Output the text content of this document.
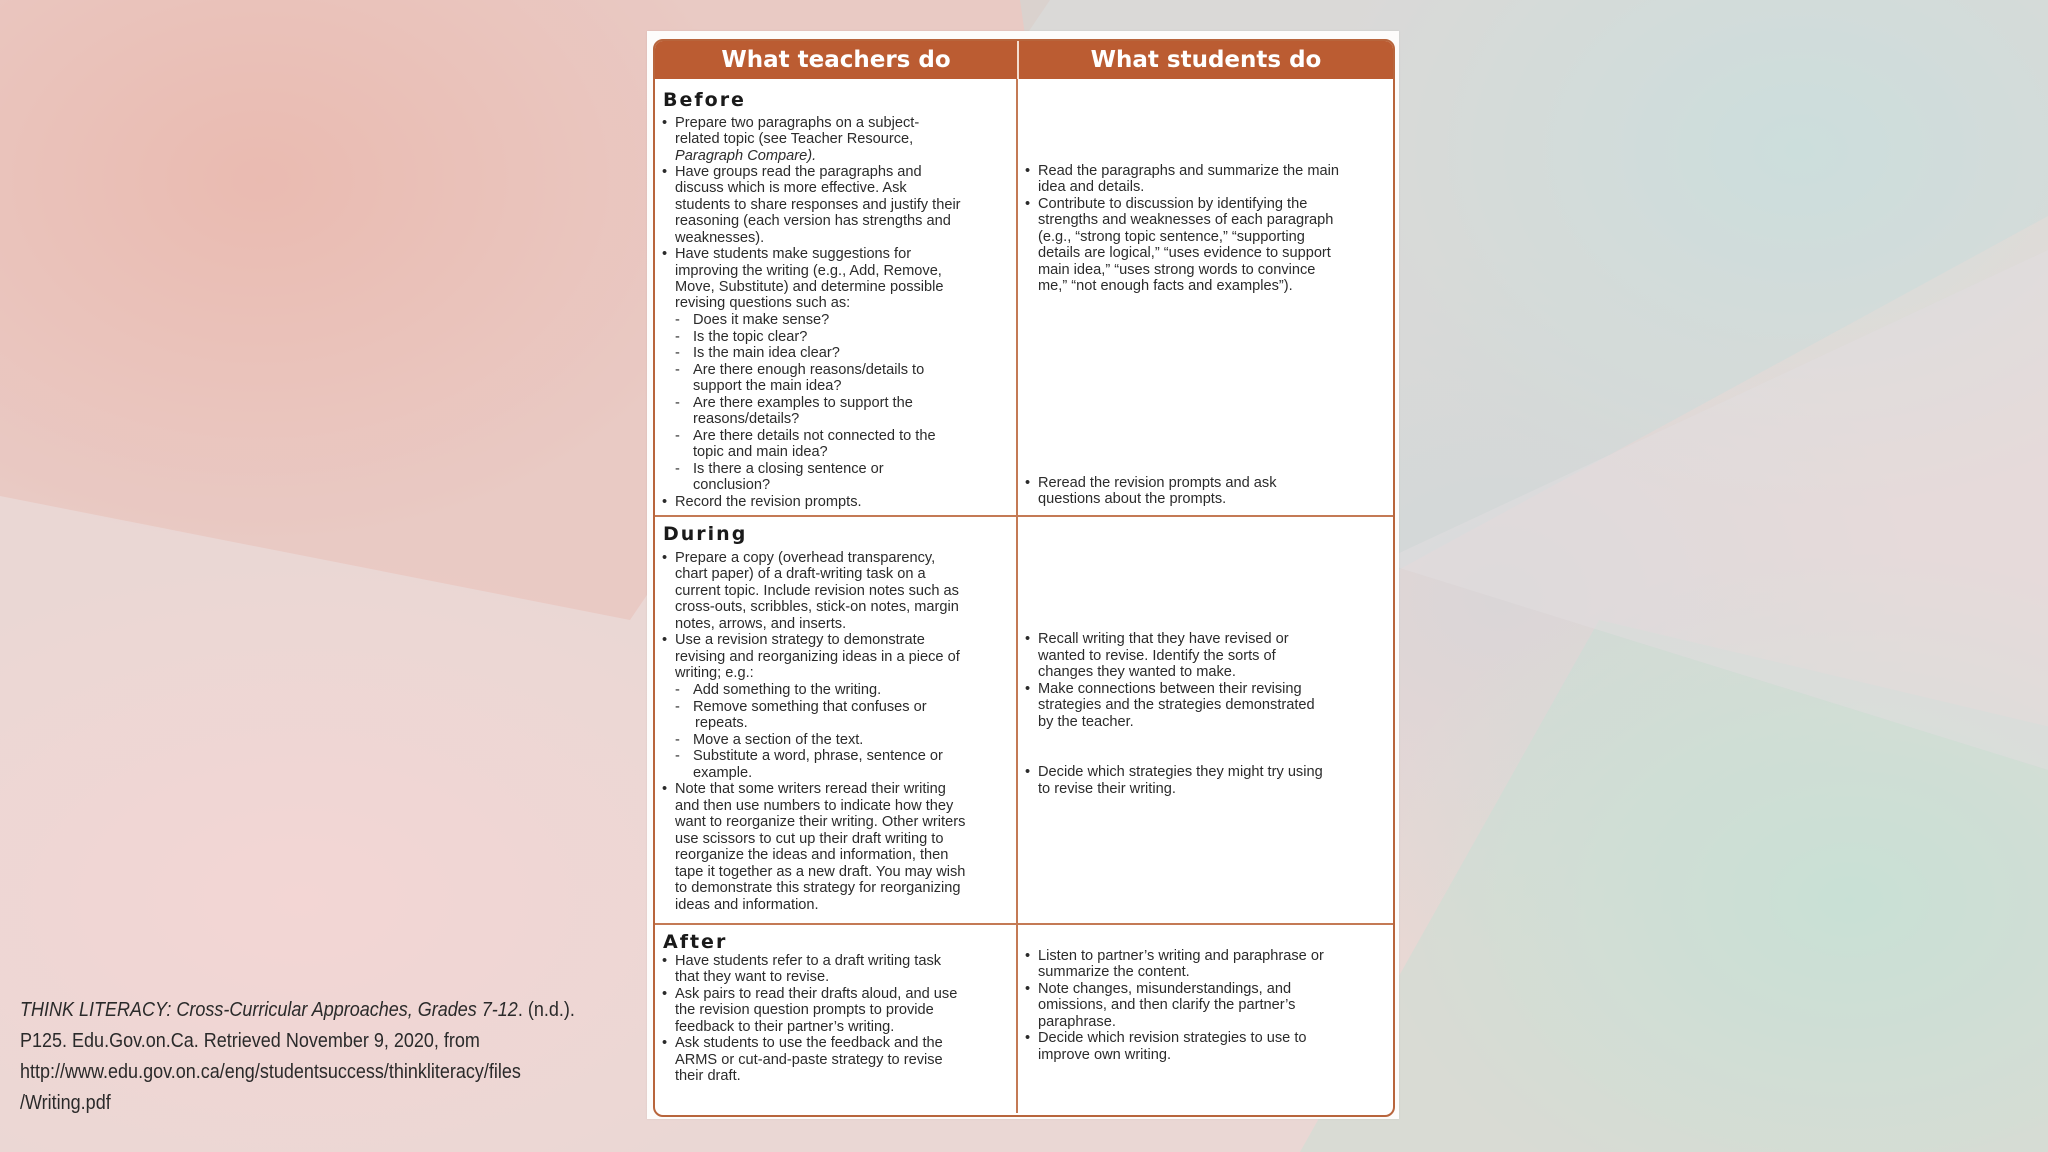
What teachers do	What students do
Before
• Prepare two paragraphs on a subject-
related topic (see Teacher Resource,
Paragraph Compare).
• Have groups read the paragraphs and
discuss which is more effective. Ask
students to share responses and justify their
reasoning (each version has strengths and
weaknesses).
• Have students make suggestions for
improving the writing (e.g., Add, Remove,
Move, Substitute) and determine possible
revising questions such as:
- Does it make sense?
- Is the topic clear?
- Is the main idea clear?
- Are there enough reasons/details to
support the main idea?
- Are there examples to support the
reasons/details?
- Are there details not connected to the
topic and main idea?
- Is there a closing sentence or
conclusion?
• Record the revision prompts.
• Read the paragraphs and summarize the main
idea and details.
• Contribute to discussion by identifying the
strengths and weaknesses of each paragraph
(e.g., “strong topic sentence,” “supporting
details are logical,” “uses evidence to support
main idea,” “uses strong words to convince
me,” “not enough facts and examples”).
• Reread the revision prompts and ask
questions about the prompts.
During
• Prepare a copy (overhead transparency,
chart paper) of a draft-writing task on a
current topic. Include revision notes such as
cross-outs, scribbles, stick-on notes, margin
notes, arrows, and inserts.
• Use a revision strategy to demonstrate
revising and reorganizing ideas in a piece of
writing; e.g.:
- Add something to the writing.
- Remove something that confuses or
repeats.
- Move a section of the text.
- Substitute a word, phrase, sentence or
example.
• Note that some writers reread their writing
and then use numbers to indicate how they
want to reorganize their writing. Other writers
use scissors to cut up their draft writing to
reorganize the ideas and information, then
tape it together as a new draft. You may wish
to demonstrate this strategy for reorganizing
ideas and information.
• Recall writing that they have revised or
wanted to revise. Identify the sorts of
changes they wanted to make.
• Make connections between their revising
strategies and the strategies demonstrated
by the teacher.
• Decide which strategies they might try using
to revise their writing.
After
• Have students refer to a draft writing task
that they want to revise.
• Ask pairs to read their drafts aloud, and use
the revision question prompts to provide
feedback to their partner’s writing.
• Ask students to use the feedback and the
ARMS or cut-and-paste strategy to revise
their draft.
• Listen to partner’s writing and paraphrase or
summarize the content.
• Note changes, misunderstandings, and
omissions, and then clarify the partner’s
paraphrase.
• Decide which revision strategies to use to
improve own writing.
THINK LITERACY: Cross-Curricular Approaches, Grades 7-12. (n.d.).
P125. Edu.Gov.on.Ca. Retrieved November 9, 2020, from
http://www.edu.gov.on.ca/eng/studentsuccess/thinkliteracy/files
/Writing.pdf
